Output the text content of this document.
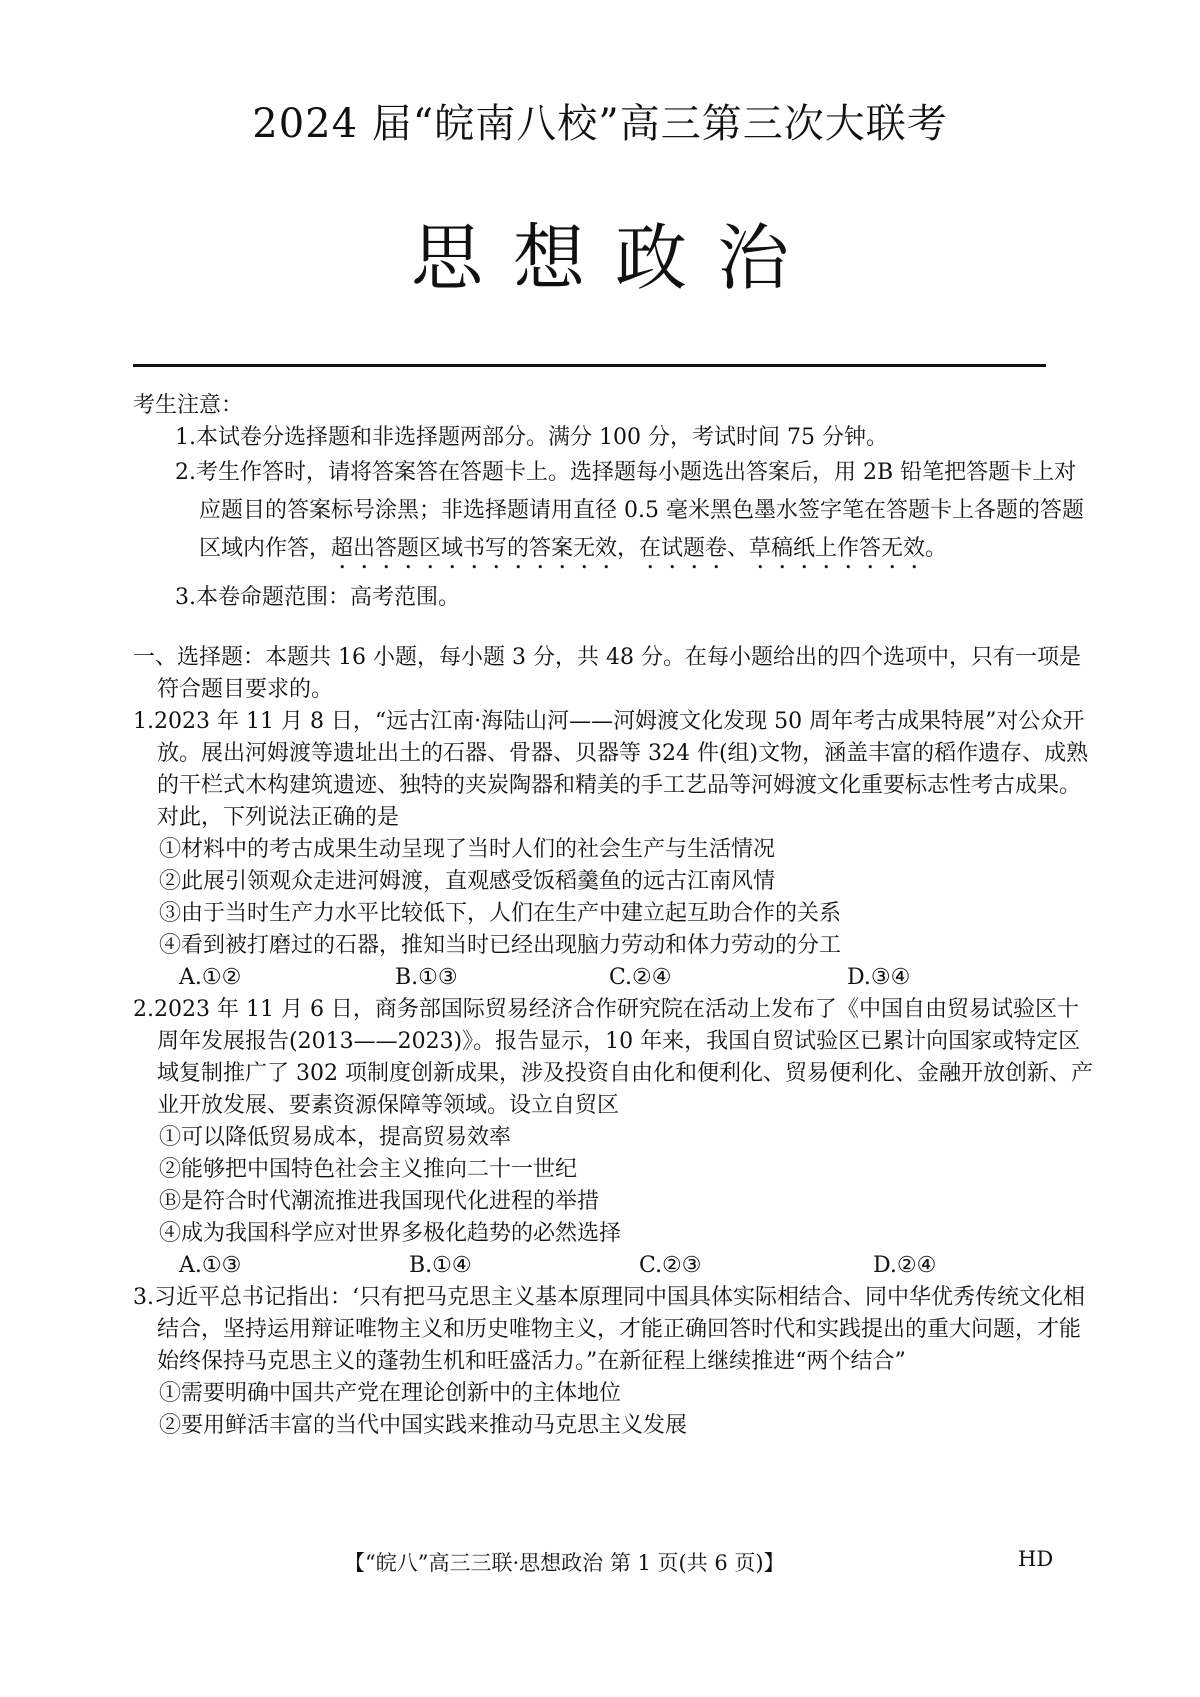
2024 届“皖南八校”高三第三次大联考
思想政治

考生注意：

1.本试卷分选择题和非选择题两部分。满分 100 分，考试时间 75 分钟。

2.考生作答时，请将答案答在答题卡上。选择题每小题选出答案后，用 2B 铅笔把答题卡上对应题目的答案标号涂黑；非选择题请用直径 0.5 毫米黑色墨水签字笔在答题卡上各题的答题区域内作答，超出答题区域书写的答案无效，在试题卷、草稿纸上作答无效。

3.本卷命题范围：高考范围。

一、选择题：本题共 16 小题，每小题 3 分，共 48 分。在每小题给出的四个选项中，只有一项是符合题目要求的。

1.2023 年 11 月 8 日，“远古江南·海陆山河——河姆渡文化发现 50 周年考古成果特展”对公众开放。展出河姆渡等遗址出土的石器、骨器、贝器等 324 件(组)文物，涵盖丰富的稻作遗存、成熟的干栏式木构建筑遗迹、独特的夹炭陶器和精美的手工艺品等河姆渡文化重要标志性考古成果。对此，下列说法正确的是

①材料中的考古成果生动呈现了当时人们的社会生产与生活情况

②此展引领观众走进河姆渡，直观感受饭稻羹鱼的远古江南风情

③由于当时生产力水平比较低下，人们在生产中建立起互助合作的关系

④看到被打磨过的石器，推知当时已经出现脑力劳动和体力劳动的分工

A.①②	B.①③	C.②④	D.③④

2.2023 年 11 月 6 日，商务部国际贸易经济合作研究院在活动上发布了《中国自由贸易试验区十周年发展报告(2013——2023)》。报告显示，10 年来，我国自贸试验区已累计向国家或特定区域复制推广了 302 项制度创新成果，涉及投资自由化和便利化、贸易便利化、金融开放创新、产业开放发展、要素资源保障等领域。设立自贸区

①可以降低贸易成本，提高贸易效率

②能够把中国特色社会主义推向二十一世纪

Ⓑ是符合时代潮流推进我国现代化进程的举措

④成为我国科学应对世界多极化趋势的必然选择

A.①③	B.①④	C.②③	D.②④

3.习近平总书记指出：‘只有把马克思主义基本原理同中国具体实际相结合、同中华优秀传统文化相结合，坚持运用辩证唯物主义和历史唯物主义，才能正确回答时代和实践提出的重大问题，才能始终保持马克思主义的蓬勃生机和旺盛活力。”在新征程上继续推进“两个结合”

①需要明确中国共产党在理论创新中的主体地位

②要用鲜活丰富的当代中国实践来推动马克思主义发展

【“皖八”高三三联·思想政治 第 1 页(共 6 页)】	HD
